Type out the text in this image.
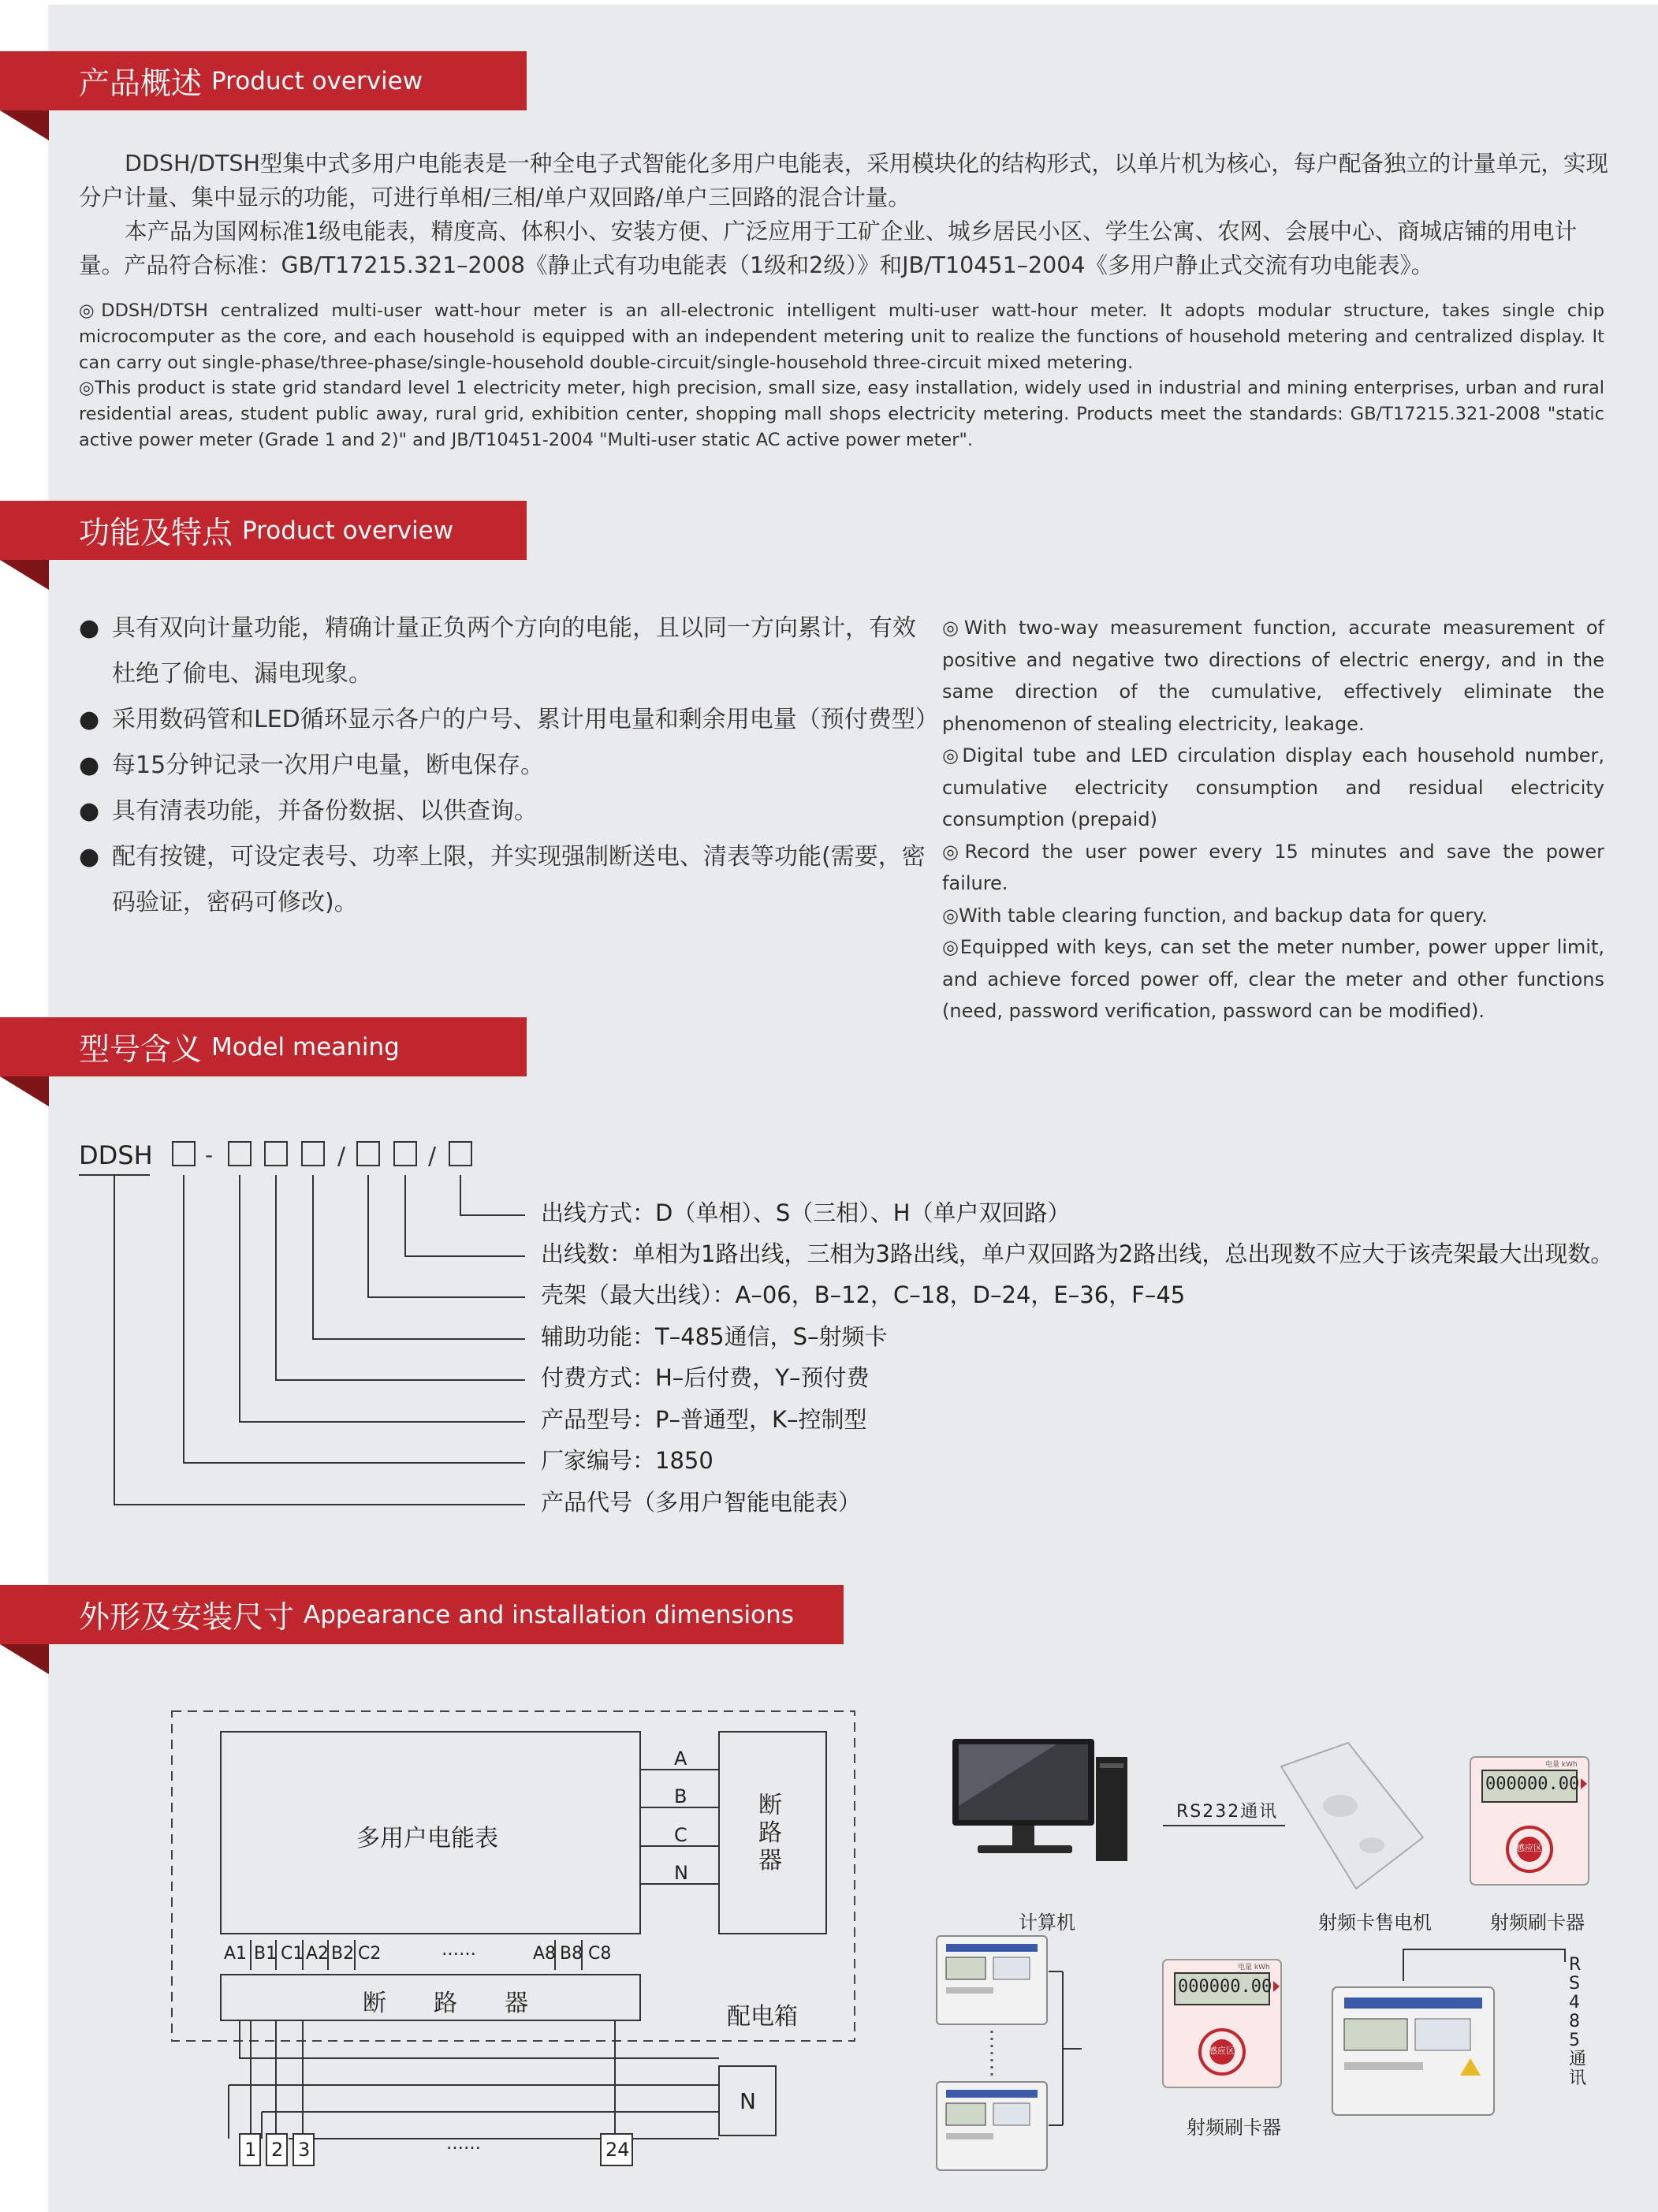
产品概述 Product overview

DDSH/DTSH型集中式多用户电能表是一种全电子式智能化多用户电能表，采用模块化的结构形式，以单片机为核心，每户配备独立的计量单元，实现分户计量、集中显示的功能，可进行单相/三相/单户双回路/单户三回路的混合计量。

本产品为国网标准1级电能表，精度高、体积小、安装方便、广泛应用于工矿企业、城乡居民小区、学生公寓、农网、会展中心、商城店铺的用电计量。产品符合标准：GB/T17215.321–2008《静止式有功电能表（1级和2级）》和JB/T10451–2004《多用户静止式交流有功电能表》。

◎DDSH/DTSH centralized multi-user watt-hour meter is an all-electronic intelligent multi-user watt-hour meter. It adopts modular structure, takes single chip microcomputer as the core, and each household is equipped with an independent metering unit to realize the functions of household metering and centralized display. It can carry out single-phase/three-phase/single-household double-circuit/single-household three-circuit mixed metering.

◎This product is state grid standard level 1 electricity meter, high precision, small size, easy installation, widely used in industrial and mining enterprises, urban and rural residential areas, student public away, rural grid, exhibition center, shopping mall shops electricity metering. Products meet the standards: GB/T17215.321-2008 "static active power meter (Grade 1 and 2)" and JB/T10451-2004 "Multi-user static AC active power meter".

功能及特点 Product overview
● 具有双向计量功能，精确计量正负两个方向的电能，且以同一方向累计，有效杜绝了偷电、漏电现象。
● 采用数码管和LED循环显示各户的户号、累计用电量和剩余用电量（预付费型）
● 每15分钟记录一次用户电量，断电保存。
● 具有清表功能，并备份数据、以供查询。
● 配有按键，可设定表号、功率上限，并实现强制断送电、清表等功能(需要，密码验证，密码可修改)。
◎With two-way measurement function, accurate measurement of positive and negative two directions of electric energy, and in the same direction of the cumulative, effectively eliminate the phenomenon of stealing electricity, leakage.
◎Digital tube and LED circulation display each household number, cumulative electricity consumption and residual electricity consumption (prepaid)
◎Record the user power every 15 minutes and save the power failure.
◎With table clearing function, and backup data for query.
◎Equipped with keys, can set the meter number, power upper limit, and achieve forced power off, clear the meter and other functions (need, password verification, password can be modified).
型号含义 Model meaning
DDSH -	/	/
出线方式：D（单相）、S（三相）、H（单户双回路）
出线数：单相为1路出线，三相为3路出线，单户双回路为2路出线，总出现数不应大于该壳架最大出现数。
壳架（最大出线）：A–06，B–12，C–18，D–24，E–36，F–45
辅助功能：T–485通信，S–射频卡
付费方式：H–后付费，Y–预付费
产品型号：P–普通型，K–控制型
厂家编号：1850
产品代号（多用户智能电能表）
外形及安装尺寸 Appearance and installation dimensions
多用户电能表
断路器
A
B
C
N
A1 B1 C1 A2 B2 C2	……	A8 B8 C8
断　　路　　器	配电箱
N
1 2 3	……	24
RS232通讯
RS485通讯
计算机	射频卡售电机	射频刷卡器
射频刷卡器
000000.00
000000.00
感应区
感应区
电量 kWh
电量 kWh
